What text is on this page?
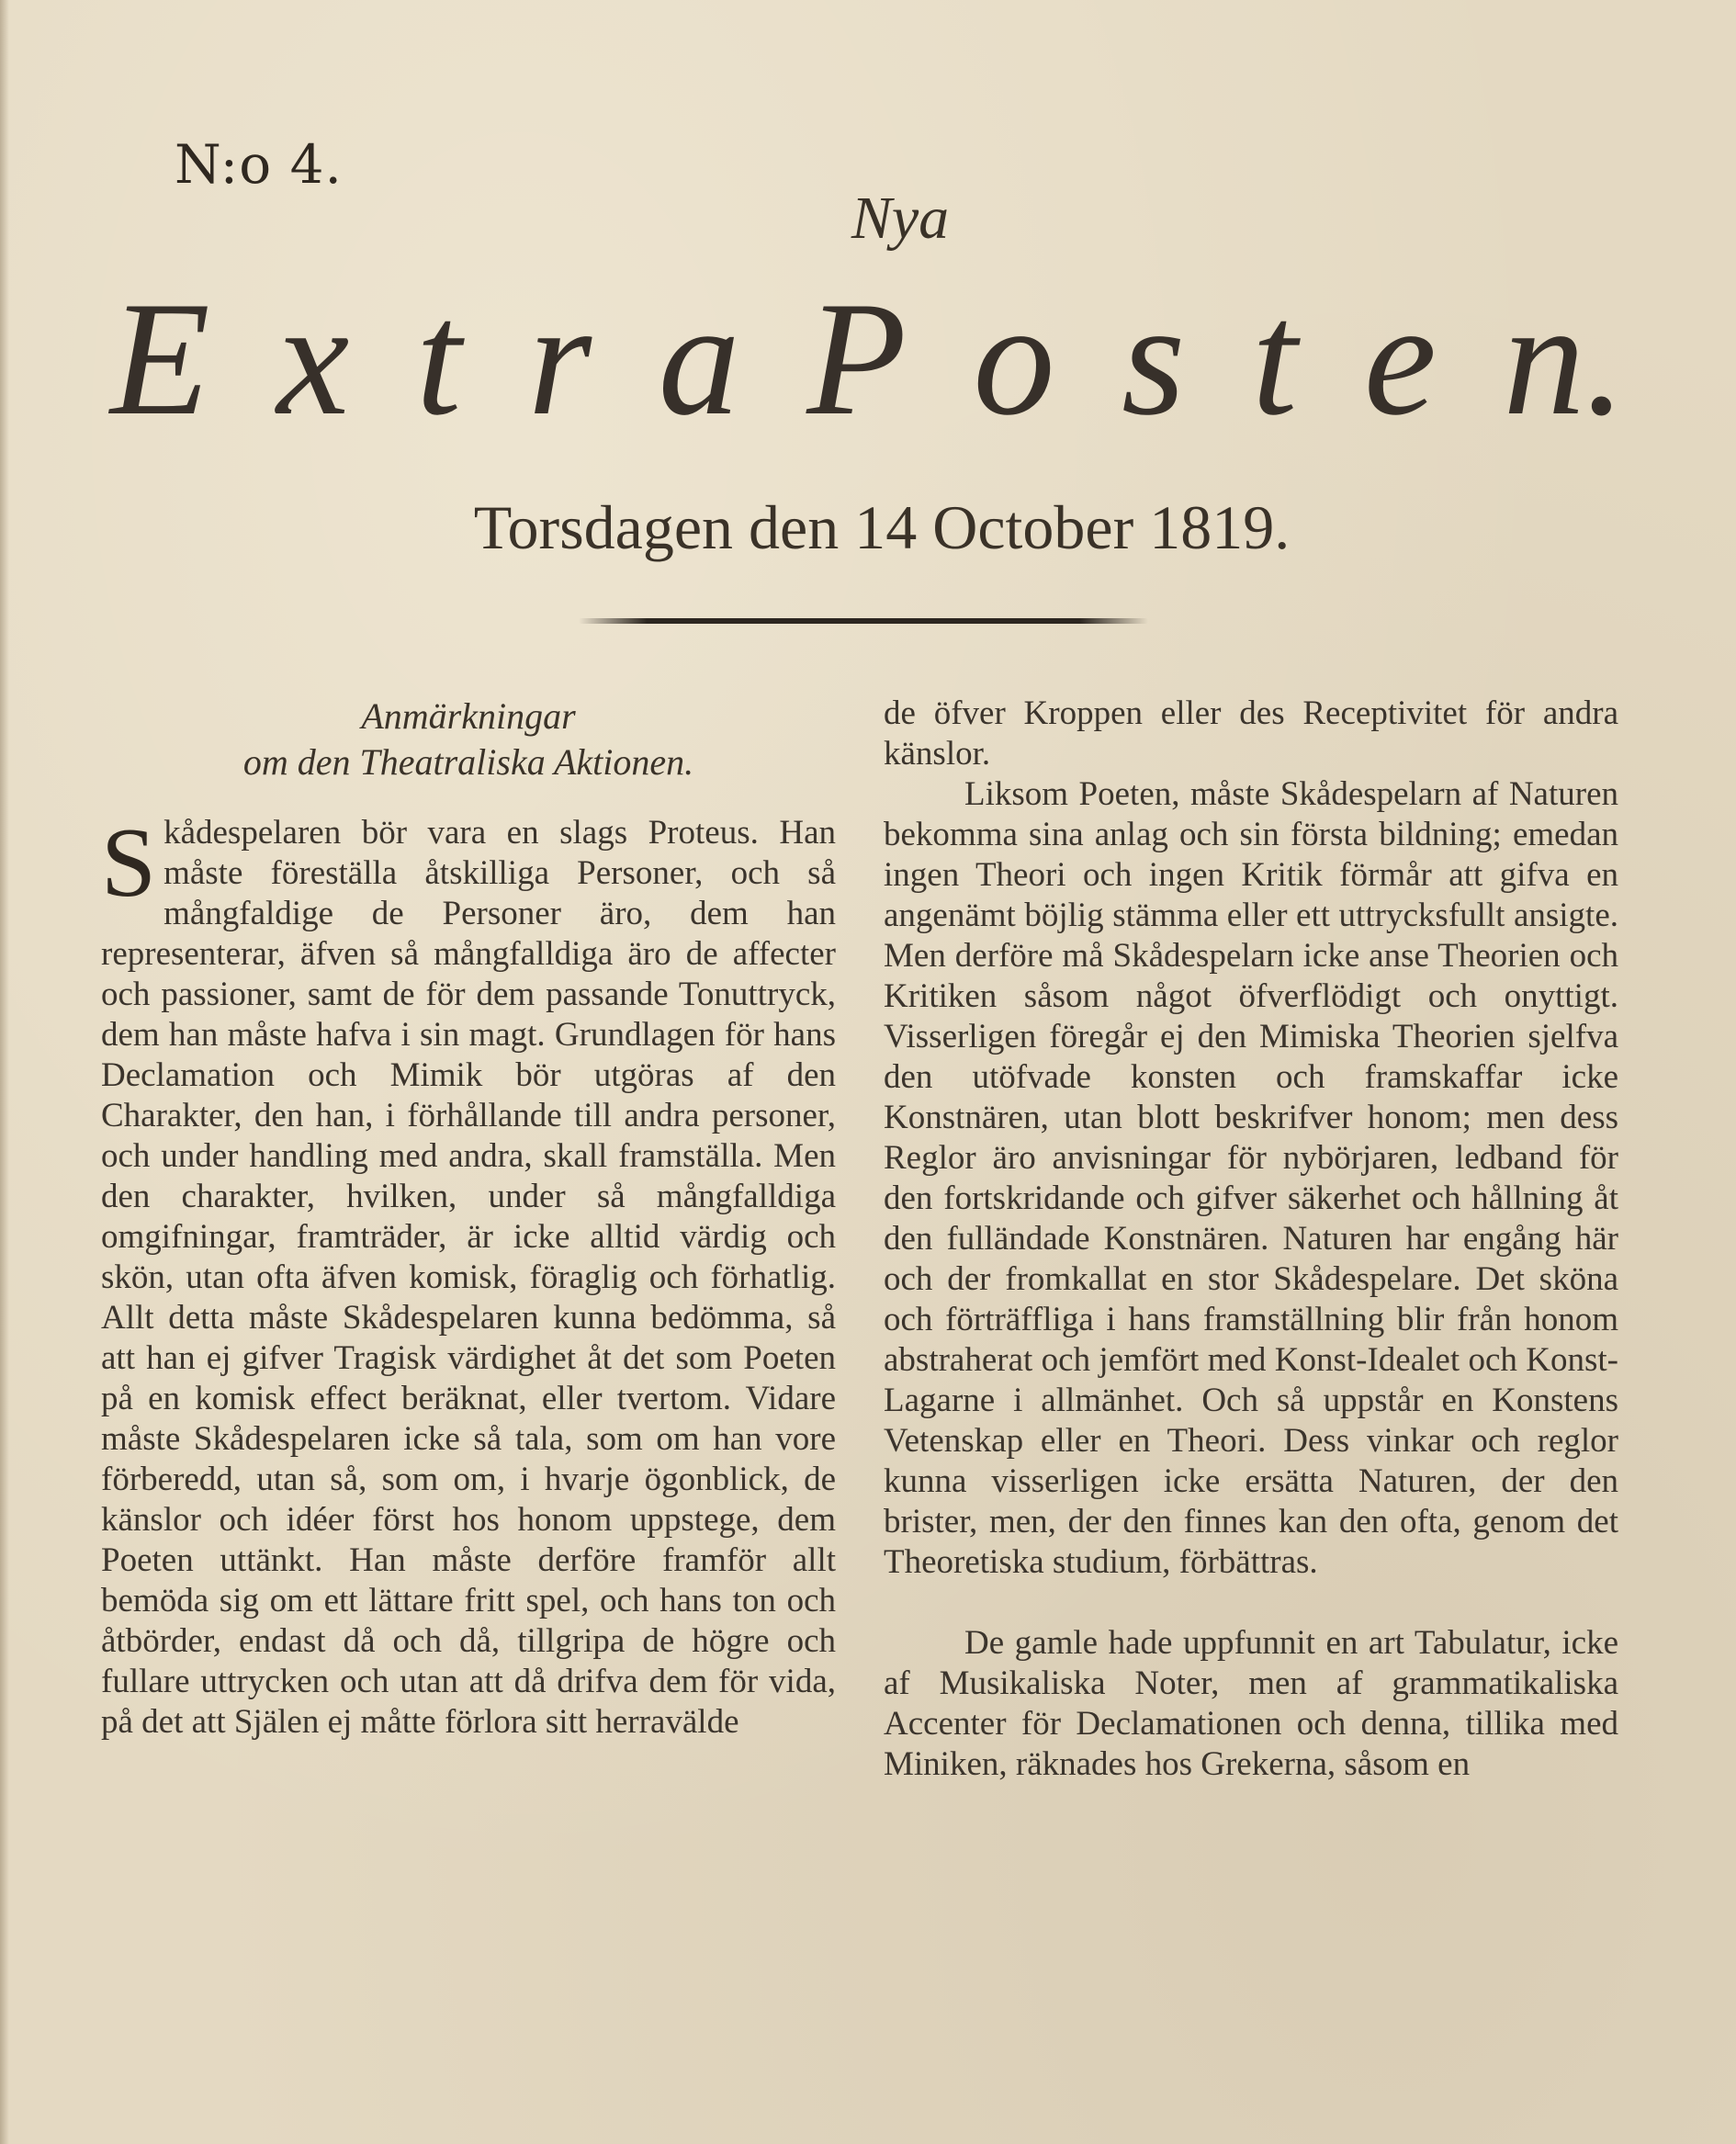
N:o 4.
Nya
E x t r a P o s t e n.
Torsdagen den 14 October 1819.

Anmärkningar

om den Theatraliska Aktionen.

Skådespelaren bör vara en slags Proteus. Han måste föreställa åtskilliga Personer, och så mångfaldige de Personer äro, dem han representerar, äfven så mångfalldiga äro de affecter och passioner, samt de för dem passande Tonuttryck, dem han måste hafva i sin magt. Grundlagen för hans Declamation och Mimik bör utgöras af den Charakter, den han, i förhållande till andra personer, och under handling med andra, skall framställa. Men den charakter, hvilken, under så mångfalldiga omgifningar, framträder, är icke alltid värdig och skön, utan ofta äfven komisk, föraglig och förhatlig. Allt detta måste Skådespelaren kunna bedömma, så att han ej gifver Tragisk värdighet åt det som Poeten på en komisk effect beräknat, eller tvertom. Vidare måste Skådespelaren icke så tala, som om han vore förberedd, utan så, som om, i hvarje ögonblick, de känslor och idéer först hos honom uppstege, dem Poeten uttänkt. Han måste derföre framför allt bemöda sig om ett lättare fritt spel, och hans ton och åtbörder, endast då och då, tillgripa de högre och fullare uttrycken och utan att då drifva dem för vida, på det att Själen ej måtte förlora sitt herravälde

de öfver Kroppen eller des Receptivitet för andra känslor.

Liksom Poeten, måste Skådespelarn af Naturen bekomma sina anlag och sin första bildning; emedan ingen Theori och ingen Kritik förmår att gifva en angenämt böjlig stämma eller ett uttrycksfullt ansigte. Men derföre må Skådespelarn icke anse Theorien och Kritiken såsom något öfverflödigt och onyttigt. Visserligen föregår ej den Mimiska Theorien sjelfva den utöfvade konsten och framskaffar icke Konstnären, utan blott beskrifver honom; men dess Reglor äro anvisningar för nybörjaren, ledband för den fortskridande och gifver säkerhet och hållning åt den fulländade Konstnären. Naturen har engång här och der fromkallat en stor Skådespelare. Det sköna och förträffliga i hans framställning blir från honom abstraherat och jemfört med Konst-Idealet och Konst-Lagarne i allmänhet. Och så uppstår en Konstens Vetenskap eller en Theori. Dess vinkar och reglor kunna visserligen icke ersätta Naturen, der den brister, men, der den finnes kan den ofta, genom det Theoretiska studium, förbättras.

De gamle hade uppfunnit en art Tabulatur, icke af Musikaliska Noter, men af grammatikaliska Accenter för Declamationen och denna, tillika med Miniken, räknades hos Grekerna, såsom en
